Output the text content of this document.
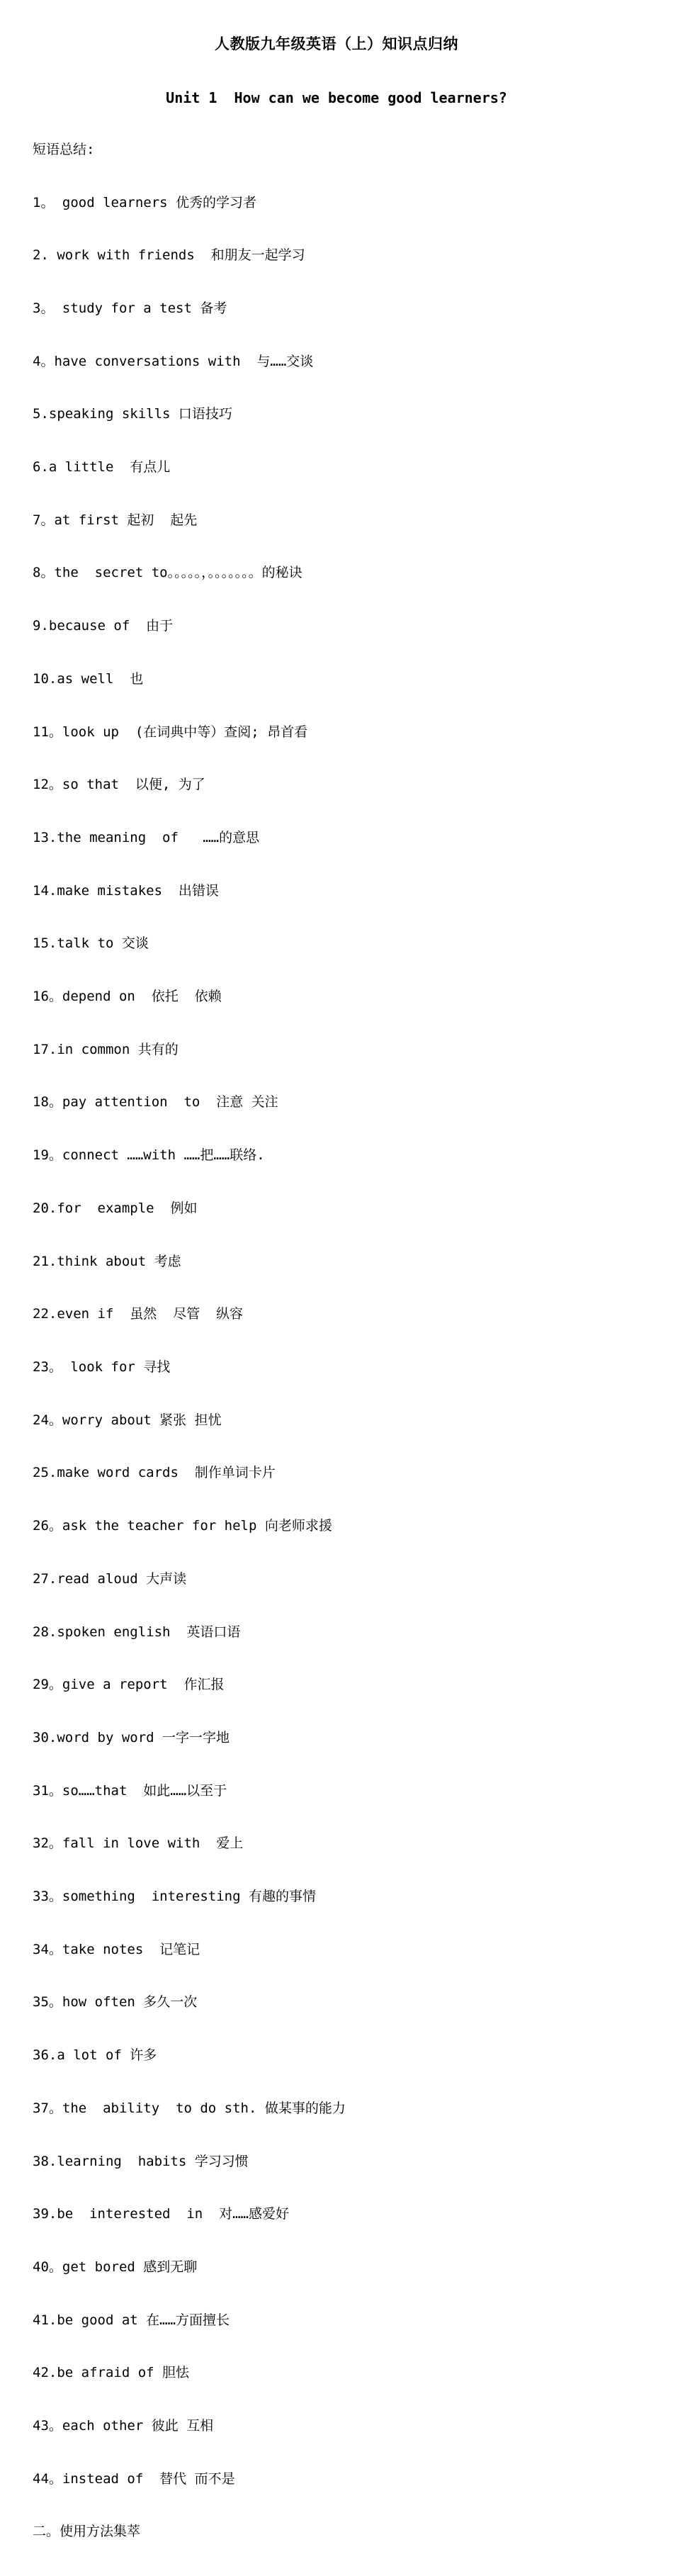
人教版九年级英语（上）知识点归纳
Unit 1  How can we become good learners?

短语总结:

1。 good learners 优秀的学习者

2. work with friends  和朋友一起学习

3。 study for a test 备考

4。have conversations with  与……交谈

5.speaking skills 口语技巧

6.a little  有点儿

7。at first 起初  起先

8。the  secret to。。。。。，。。。。。。。的秘诀

9.because of  由于

10.as well  也

11。look up  (在词典中等）查阅; 昂首看

12。so that  以便, 为了

13.the meaning  of   ……的意思

14.make mistakes  出错误

15.talk to 交谈

16。depend on  依托  依赖

17.in common 共有的

18。pay attention  to  注意 关注

19。connect ……with ……把……联络.

20.for  example  例如

21.think about 考虑

22.even if  虽然  尽管  纵容

23。 look for 寻找

24。worry about 紧张 担忧

25.make word cards  制作单词卡片

26。ask the teacher for help 向老师求援

27.read aloud 大声读

28.spoken english  英语口语

29。give a report  作汇报

30.word by word 一字一字地

31。so……that  如此……以至于

32。fall in love with  爱上

33。something  interesting 有趣的事情

34。take notes  记笔记

35。how often 多久一次

36.a lot of 许多

37。the  ability  to do sth. 做某事的能力

38.learning  habits 学习习惯

39.be  interested  in  对……感爱好

40。get bored 感到无聊

41.be good at 在……方面擅长

42.be afraid of 胆怯

43。each other 彼此 互相

44。instead of  替代 而不是

二。使用方法集萃
